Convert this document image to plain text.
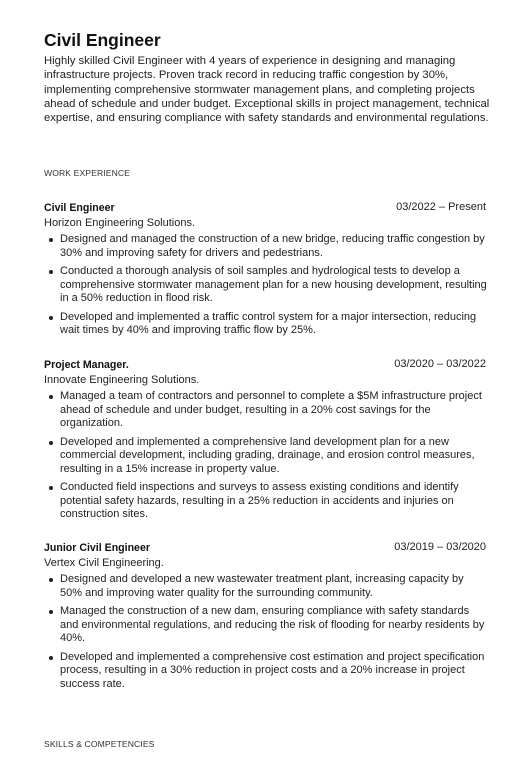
Civil Engineer
Highly skilled Civil Engineer with 4 years of experience in designing and managing infrastructure projects. Proven track record in reducing traffic congestion by 30%, implementing comprehensive stormwater management plans, and completing projects ahead of schedule and under budget. Exceptional skills in project management, technical expertise, and ensuring compliance with safety standards and environmental regulations.
WORK EXPERIENCE
Civil Engineer	03/2022 – Present
Horizon Engineering Solutions.
Designed and managed the construction of a new bridge, reducing traffic congestion by 30% and improving safety for drivers and pedestrians.
Conducted a thorough analysis of soil samples and hydrological tests to develop a comprehensive stormwater management plan for a new housing development, resulting in a 50% reduction in flood risk.
Developed and implemented a traffic control system for a major intersection, reducing wait times by 40% and improving traffic flow by 25%.
Project Manager.	03/2020 – 03/2022
Innovate Engineering Solutions.
Managed a team of contractors and personnel to complete a $5M infrastructure project ahead of schedule and under budget, resulting in a 20% cost savings for the organization.
Developed and implemented a comprehensive land development plan for a new commercial development, including grading, drainage, and erosion control measures, resulting in a 15% increase in property value.
Conducted field inspections and surveys to assess existing conditions and identify potential safety hazards, resulting in a 25% reduction in accidents and injuries on construction sites.
Junior Civil Engineer	03/2019 – 03/2020
Vertex Civil Engineering.
Designed and developed a new wastewater treatment plant, increasing capacity by 50% and improving water quality for the surrounding community.
Managed the construction of a new dam, ensuring compliance with safety standards and environmental regulations, and reducing the risk of flooding for nearby residents by 40%.
Developed and implemented a comprehensive cost estimation and project specification process, resulting in a 30% reduction in project costs and a 20% increase in project success rate.
SKILLS & COMPETENCIES
